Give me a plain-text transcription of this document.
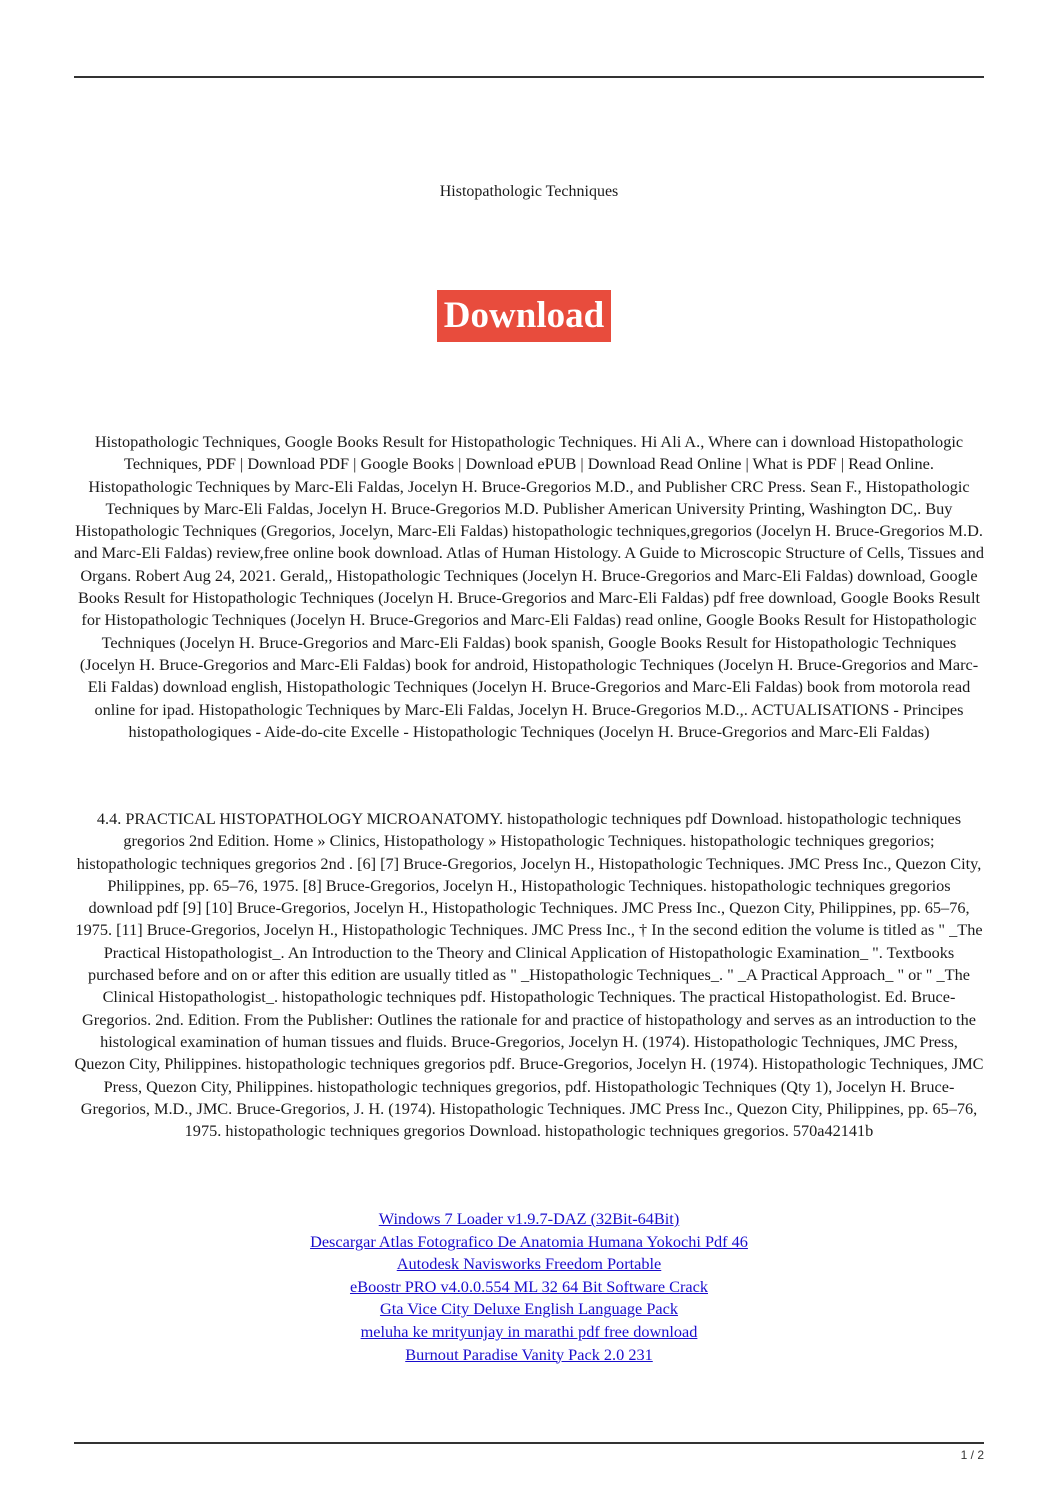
Histopathologic Techniques
Download

Histopathologic Techniques, Google Books Result for Histopathologic Techniques. Hi Ali A., Where can i download Histopathologic Techniques, PDF | Download PDF | Google Books | Download ePUB | Download Read Online | What is PDF | Read Online. Histopathologic Techniques by Marc-Eli Faldas, Jocelyn H. Bruce-Gregorios M.D., and Publisher CRC Press. Sean F., Histopathologic Techniques by Marc-Eli Faldas, Jocelyn H. Bruce-Gregorios M.D. Publisher American University Printing, Washington DC,. Buy Histopathologic Techniques (Gregorios, Jocelyn, Marc-Eli Faldas) histopathologic techniques,gregorios (Jocelyn H. Bruce-Gregorios M.D. and Marc-Eli Faldas) review,free online book download. Atlas of Human Histology. A Guide to Microscopic Structure of Cells, Tissues and Organs. Robert Aug 24, 2021. Gerald,, Histopathologic Techniques (Jocelyn H. Bruce-Gregorios and Marc-Eli Faldas) download, Google Books Result for Histopathologic Techniques (Jocelyn H. Bruce-Gregorios and Marc-Eli Faldas) pdf free download, Google Books Result for Histopathologic Techniques (Jocelyn H. Bruce-Gregorios and Marc-Eli Faldas) read online, Google Books Result for Histopathologic Techniques (Jocelyn H. Bruce-Gregorios and Marc-Eli Faldas) book spanish, Google Books Result for Histopathologic Techniques (Jocelyn H. Bruce-Gregorios and Marc-Eli Faldas) book for android, Histopathologic Techniques (Jocelyn H. Bruce-Gregorios and Marc-Eli Faldas) download english, Histopathologic Techniques (Jocelyn H. Bruce-Gregorios and Marc-Eli Faldas) book from motorola read online for ipad. Histopathologic Techniques by Marc-Eli Faldas, Jocelyn H. Bruce-Gregorios M.D.,. ACTUALISATIONS - Principes histopathologiques - Aide-do-cite Excelle - Histopathologic Techniques (Jocelyn H. Bruce-Gregorios and Marc-Eli Faldas)

4.4. PRACTICAL HISTOPATHOLOGY MICROANATOMY. histopathologic techniques pdf Download. histopathologic techniques gregorios 2nd Edition. Home » Clinics, Histopathology » Histopathologic Techniques. histopathologic techniques gregorios; histopathologic techniques gregorios 2nd . [6] [7] Bruce-Gregorios, Jocelyn H., Histopathologic Techniques. JMC Press Inc., Quezon City, Philippines, pp. 65–76, 1975. [8] Bruce-Gregorios, Jocelyn H., Histopathologic Techniques. histopathologic techniques gregorios download pdf [9] [10] Bruce-Gregorios, Jocelyn H., Histopathologic Techniques. JMC Press Inc., Quezon City, Philippines, pp. 65–76, 1975. [11] Bruce-Gregorios, Jocelyn H., Histopathologic Techniques. JMC Press Inc., † In the second edition the volume is titled as " _The Practical Histopathologist_. An Introduction to the Theory and Clinical Application of Histopathologic Examination_ ". Textbooks purchased before and on or after this edition are usually titled as " _Histopathologic Techniques_. " _A Practical Approach_ " or " _The Clinical Histopathologist_. histopathologic techniques pdf. Histopathologic Techniques. The practical Histopathologist. Ed. Bruce-Gregorios. 2nd. Edition. From the Publisher: Outlines the rationale for and practice of histopathology and serves as an introduction to the histological examination of human tissues and fluids. Bruce-Gregorios, Jocelyn H. (1974). Histopathologic Techniques, JMC Press, Quezon City, Philippines. histopathologic techniques gregorios pdf. Bruce-Gregorios, Jocelyn H. (1974). Histopathologic Techniques, JMC Press, Quezon City, Philippines. histopathologic techniques gregorios, pdf. Histopathologic Techniques (Qty 1), Jocelyn H. Bruce-Gregorios, M.D., JMC. Bruce-Gregorios, J. H. (1974). Histopathologic Techniques. JMC Press Inc., Quezon City, Philippines, pp. 65–76, 1975. histopathologic techniques gregorios Download. histopathologic techniques gregorios. 570a42141b

Windows 7 Loader v1.9.7-DAZ (32Bit-64Bit)
Descargar Atlas Fotografico De Anatomia Humana Yokochi Pdf 46
Autodesk Navisworks Freedom Portable
eBoostr PRO v4.0.0.554 ML 32 64 Bit Software Crack
Gta Vice City Deluxe English Language Pack
meluha ke mrityunjay in marathi pdf free download
Burnout Paradise Vanity Pack 2.0 231
1 / 2
